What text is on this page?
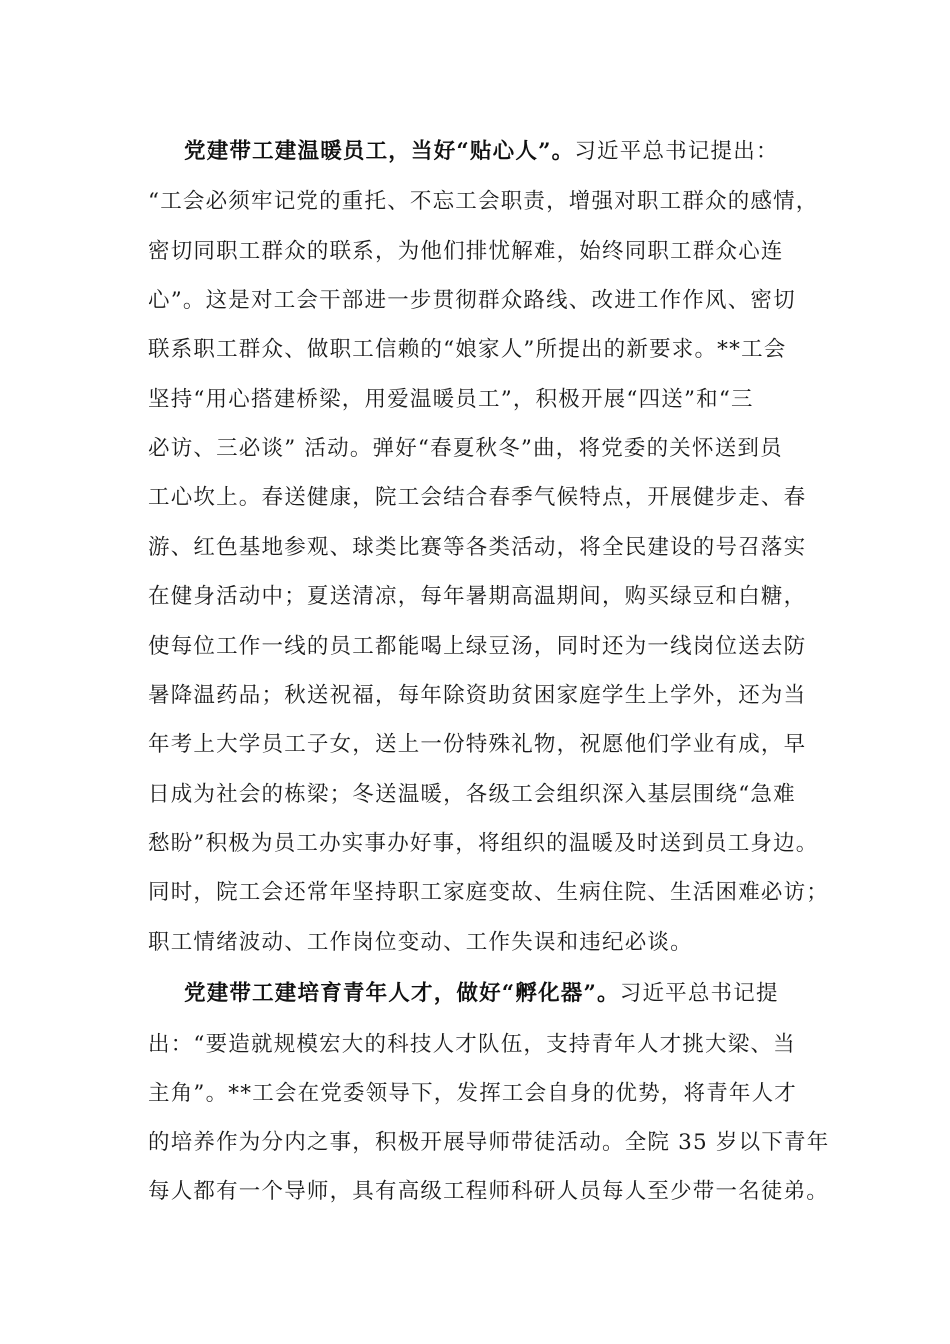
党建带工建温暖员工，当好“贴心人”。习近平总书记提出：
“工会必须牢记党的重托、不忘工会职责，增强对职工群众的感情，
密切同职工群众的联系，为他们排忧解难，始终同职工群众心连
心”。这是对工会干部进一步贯彻群众路线、改进工作作风、密切
联系职工群众、做职工信赖的“娘家人”所提出的新要求。**工会
坚持“用心搭建桥梁，用爱温暖员工”，积极开展“四送”和“三
必访、三必谈” 活动。弹好“春夏秋冬”曲，将党委的关怀送到员
工心坎上。春送健康，院工会结合春季气候特点，开展健步走、春
游、红色基地参观、球类比赛等各类活动，将全民建设的号召落实
在健身活动中；夏送清凉，每年暑期高温期间，购买绿豆和白糖，
使每位工作一线的员工都能喝上绿豆汤，同时还为一线岗位送去防
暑降温药品；秋送祝福，每年除资助贫困家庭学生上学外，还为当
年考上大学员工子女，送上一份特殊礼物，祝愿他们学业有成，早
日成为社会的栋梁；冬送温暖，各级工会组织深入基层围绕“急难
愁盼”积极为员工办实事办好事，将组织的温暖及时送到员工身边。
同时，院工会还常年坚持职工家庭变故、生病住院、生活困难必访；
职工情绪波动、工作岗位变动、工作失误和违纪必谈。
党建带工建培育青年人才，做好“孵化器”。习近平总书记提
出：“要造就规模宏大的科技人才队伍，支持青年人才挑大梁、当
主角”。**工会在党委领导下，发挥工会自身的优势，将青年人才
的培养作为分内之事，积极开展导师带徒活动。全院 35 岁以下青年
每人都有一个导师，具有高级工程师科研人员每人至少带一名徒弟。
